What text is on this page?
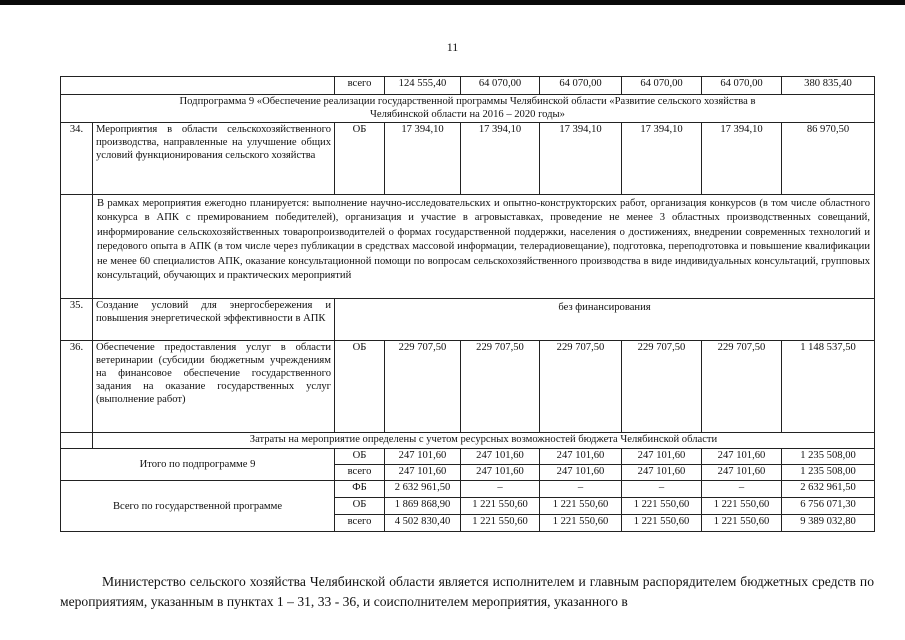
11
		всего	124 555,40	64 070,00	64 070,00	64 070,00	64 070,00	380 835,40
Подпрограмма 9 «Обеспечение реализации государственной программы Челябинской области «Развитие сельского хозяйства в Челябинской области на 2016 – 2020 годы»								
34.	Мероприятия в области сельскохозяйственного производства, направленные на улучшение общих условий функционирования сельского хозяйства	ОБ	17 394,10	17 394,10	17 394,10	17 394,10	17 394,10	86 970,50
	В рамках мероприятия ежегодно планируется: выполнение научно-исследовательских и опытно-конструкторских работ, организация конкурсов (в том числе областного конкурса в АПК с премированием победителей), организация и участие в агровыставках, проведение не менее 3 областных производственных совещаний, информирование сельскохозяйственных товаропроизводителей о формах государственной поддержки, населения о достижениях, внедрении современных технологий и передового опыта в АПК (в том числе через публикации в средствах массовой информации, телерадиовещание), подготовка, переподготовка и повышение квалификации не менее 60 специалистов АПК, оказание консультационной помощи по вопросам сельскохозяйственного производства в виде индивидуальных консультаций, групповых консультаций, обучающих и практических мероприятий							
35.	Создание условий для энергосбережения и повышения энергетической эффективности в АПК	без финансирования						
36.	Обеспечение предоставления услуг в области ветеринарии (субсидии бюджетным учреждениям на финансовое обеспечение государственного задания на оказание государственных услуг (выполнение работ)	ОБ	229 707,50	229 707,50	229 707,50	229 707,50	229 707,50	1 148 537,50
	Затраты на мероприятие определены с учетом ресурсных возможностей бюджета Челябинской области							
Итого по подпрограмме 9		ОБ	247 101,60	247 101,60	247 101,60	247 101,60	247 101,60	1 235 508,00
		всего	247 101,60	247 101,60	247 101,60	247 101,60	247 101,60	1 235 508,00
Всего по государственной программе		ФБ	2 632 961,50	–	–	–	–	2 632 961,50
		ОБ	1 869 868,90	1 221 550,60	1 221 550,60	1 221 550,60	1 221 550,60	6 756 071,30
		всего	4 502 830,40	1 221 550,60	1 221 550,60	1 221 550,60	1 221 550,60	9 389 032,80

Министерство сельского хозяйства Челябинской области является исполнителем и главным распорядителем бюджетных средств по мероприятиям, указанным в пунктах 1 – 31, 33 - 36, и соисполнителем мероприятия, указанного в
